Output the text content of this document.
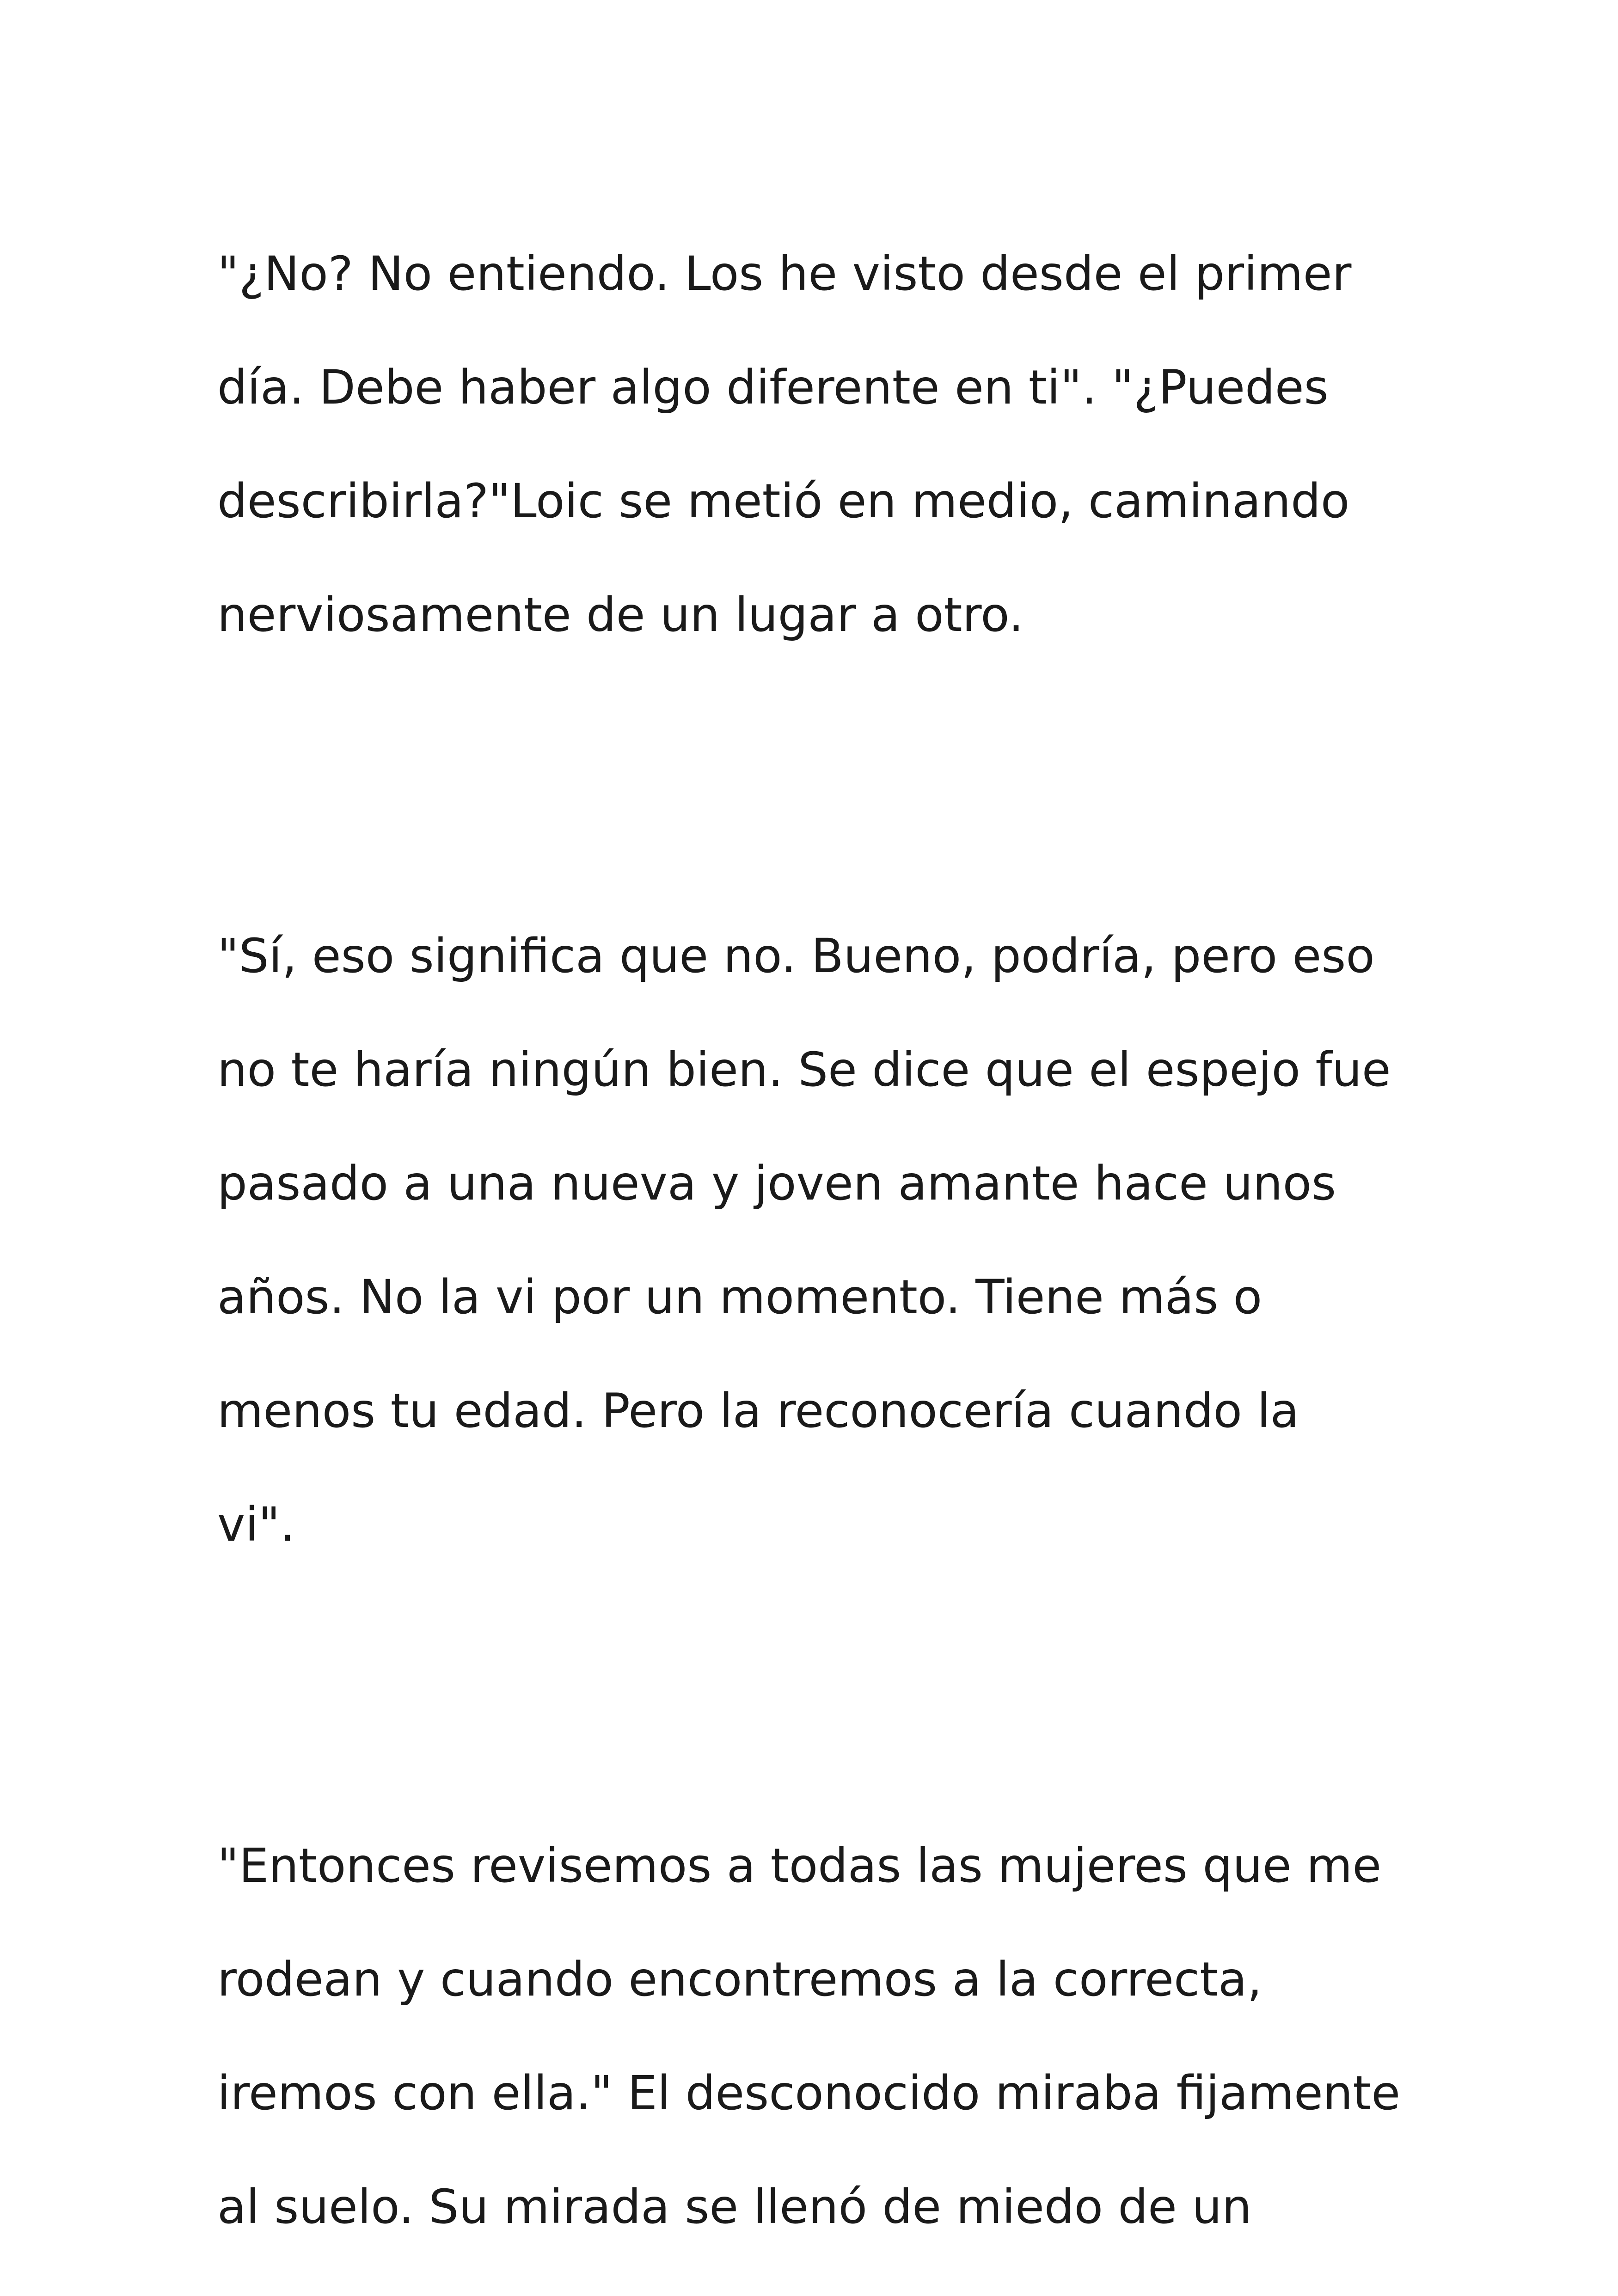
"¿No? No entiendo. Los he visto desde el primer
día. Debe haber algo diferente en ti". "¿Puedes
describirla?"Loic se metió en medio, caminando
nerviosamente de un lugar a otro.
"Sí, eso significa que no. Bueno, podría, pero eso
no te haría ningún bien. Se dice que el espejo fue
pasado a una nueva y joven amante hace unos
años. No la vi por un momento. Tiene más o
menos tu edad. Pero la reconocería cuando la
vi".
"Entonces revisemos a todas las mujeres que me
rodean y cuando encontremos a la correcta,
iremos con ella." El desconocido miraba fijamente
al suelo. Su mirada se llenó de miedo de un
